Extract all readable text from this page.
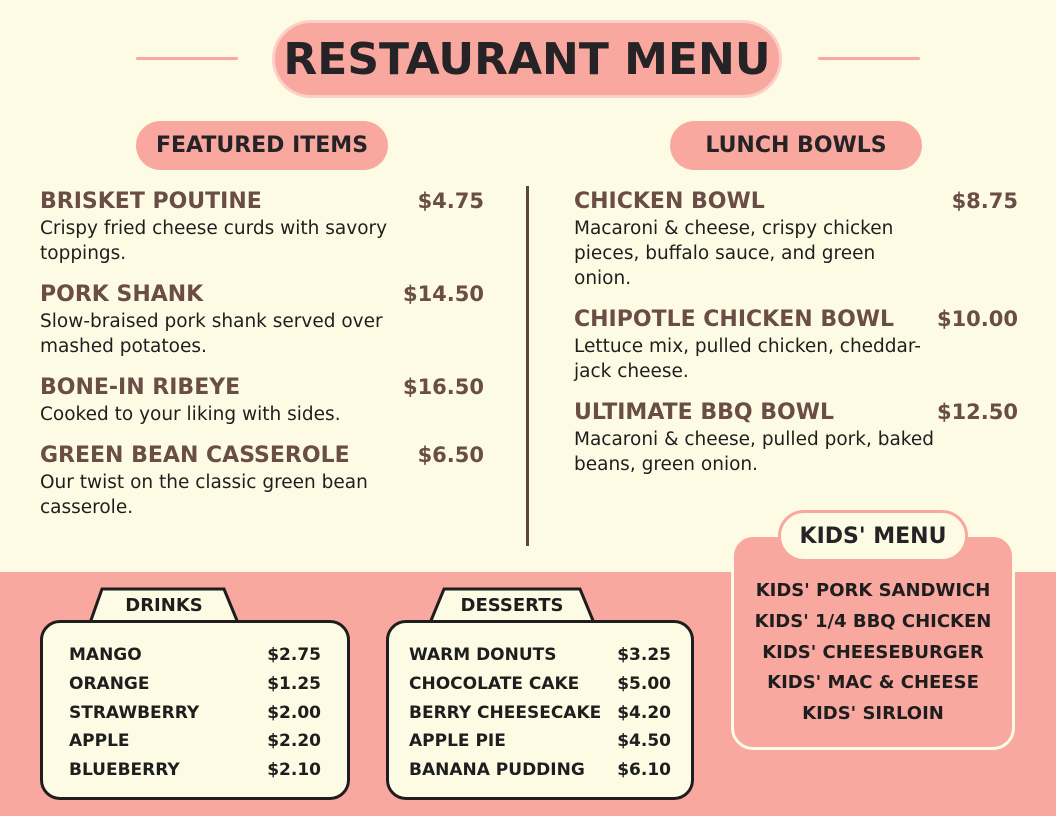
RESTAURANT MENU
FEATURED ITEMS	LUNCH BOWLS
BRISKET POUTINE	$4.75
Crispy fried cheese curds with savory toppings.
PORK SHANK	$14.50
Slow-braised pork shank served over mashed potatoes.
BONE-IN RIBEYE	$16.50
Cooked to your liking with sides.
GREEN BEAN CASSEROLE	$6.50
Our twist on the classic green bean casserole.
CHICKEN BOWL	$8.75
Macaroni & cheese, crispy chicken pieces, buffalo sauce, and green onion.
CHIPOTLE CHICKEN BOWL $10.00
Lettuce mix, pulled chicken, cheddar-jack cheese.
ULTIMATE BBQ BOWL	$12.50
Macaroni & cheese, pulled pork, baked beans, green onion.
DRINKS
MANGO	$2.75
ORANGE	$1.25
STRAWBERRY	$2.00
APPLE	$2.20
BLUEBERRY	$2.10
DESSERTS
WARM DONUTS	$3.25
CHOCOLATE CAKE $5.00
BERRY CHEESECAKE $4.20
APPLE PIE	$4.50
BANANA PUDDING $6.10
KIDS' MENU
KIDS' PORK SANDWICH
KIDS' 1/4 BBQ CHICKEN
KIDS' CHEESEBURGER
KIDS' MAC & CHEESE
KIDS' SIRLOIN
